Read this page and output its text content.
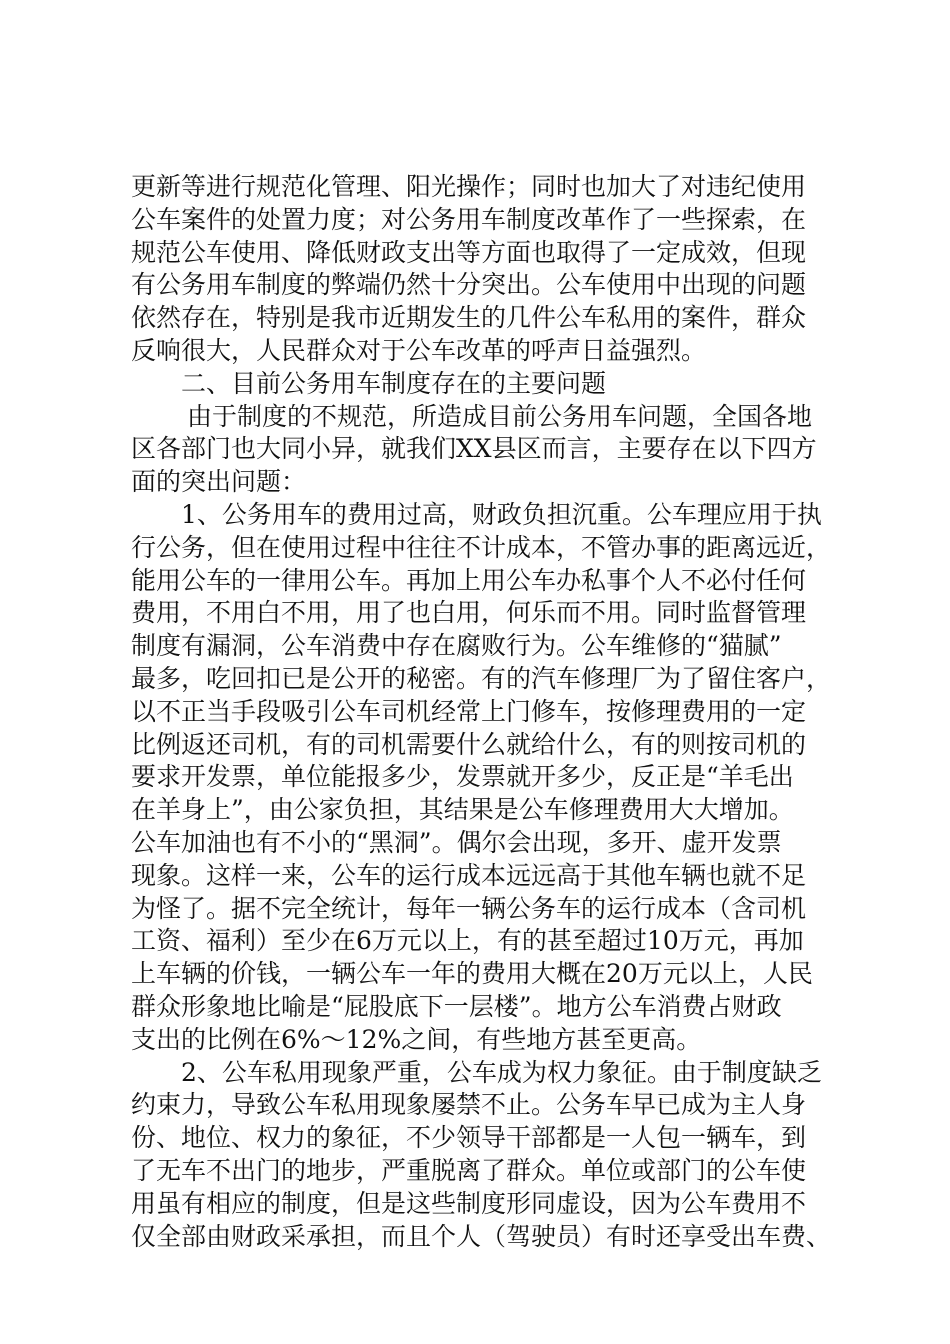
更新等进行规范化管理、阳光操作；同时也加大了对违纪使用
公车案件的处置力度；对公务用车制度改革作了一些探索，在
规范公车使用、降低财政支出等方面也取得了一定成效，但现
有公务用车制度的弊端仍然十分突出。公车使用中出现的问题
依然存在，特别是我市近期发生的几件公车私用的案件，群众
反响很大，人民群众对于公车改革的呼声日益强烈。
二、目前公务用车制度存在的主要问题
由于制度的不规范，所造成目前公务用车问题，全国各地
区各部门也大同小异，就我们XX县区而言，主要存在以下四方
面的突出问题：
1、公务用车的费用过高，财政负担沉重。公车理应用于执
行公务，但在使用过程中往往不计成本，不管办事的距离远近，
能用公车的一律用公车。再加上用公车办私事个人不必付任何
费用，不用白不用，用了也白用，何乐而不用。同时监督管理
制度有漏洞，公车消费中存在腐败行为。公车维修的“猫腻”
最多，吃回扣已是公开的秘密。有的汽车修理厂为了留住客户，
以不正当手段吸引公车司机经常上门修车，按修理费用的一定
比例返还司机，有的司机需要什么就给什么，有的则按司机的
要求开发票，单位能报多少，发票就开多少，反正是“羊毛出
在羊身上”，由公家负担，其结果是公车修理费用大大增加。
公车加油也有不小的“黑洞”。偶尔会出现，多开、虚开发票
现象。这样一来，公车的运行成本远远高于其他车辆也就不足
为怪了。据不完全统计，每年一辆公务车的运行成本（含司机
工资、福利）至少在6万元以上，有的甚至超过10万元，再加
上车辆的价钱，一辆公车一年的费用大概在20万元以上，人民
群众形象地比喻是“屁股底下一层楼”。地方公车消费占财政
支出的比例在6%～12%之间，有些地方甚至更高。
2、公车私用现象严重，公车成为权力象征。由于制度缺乏
约束力，导致公车私用现象屡禁不止。公务车早已成为主人身
份、地位、权力的象征，不少领导干部都是一人包一辆车，到
了无车不出门的地步，严重脱离了群众。单位或部门的公车使
用虽有相应的制度，但是这些制度形同虚设，因为公车费用不
仅全部由财政采承担，而且个人（驾驶员）有时还享受出车费、
